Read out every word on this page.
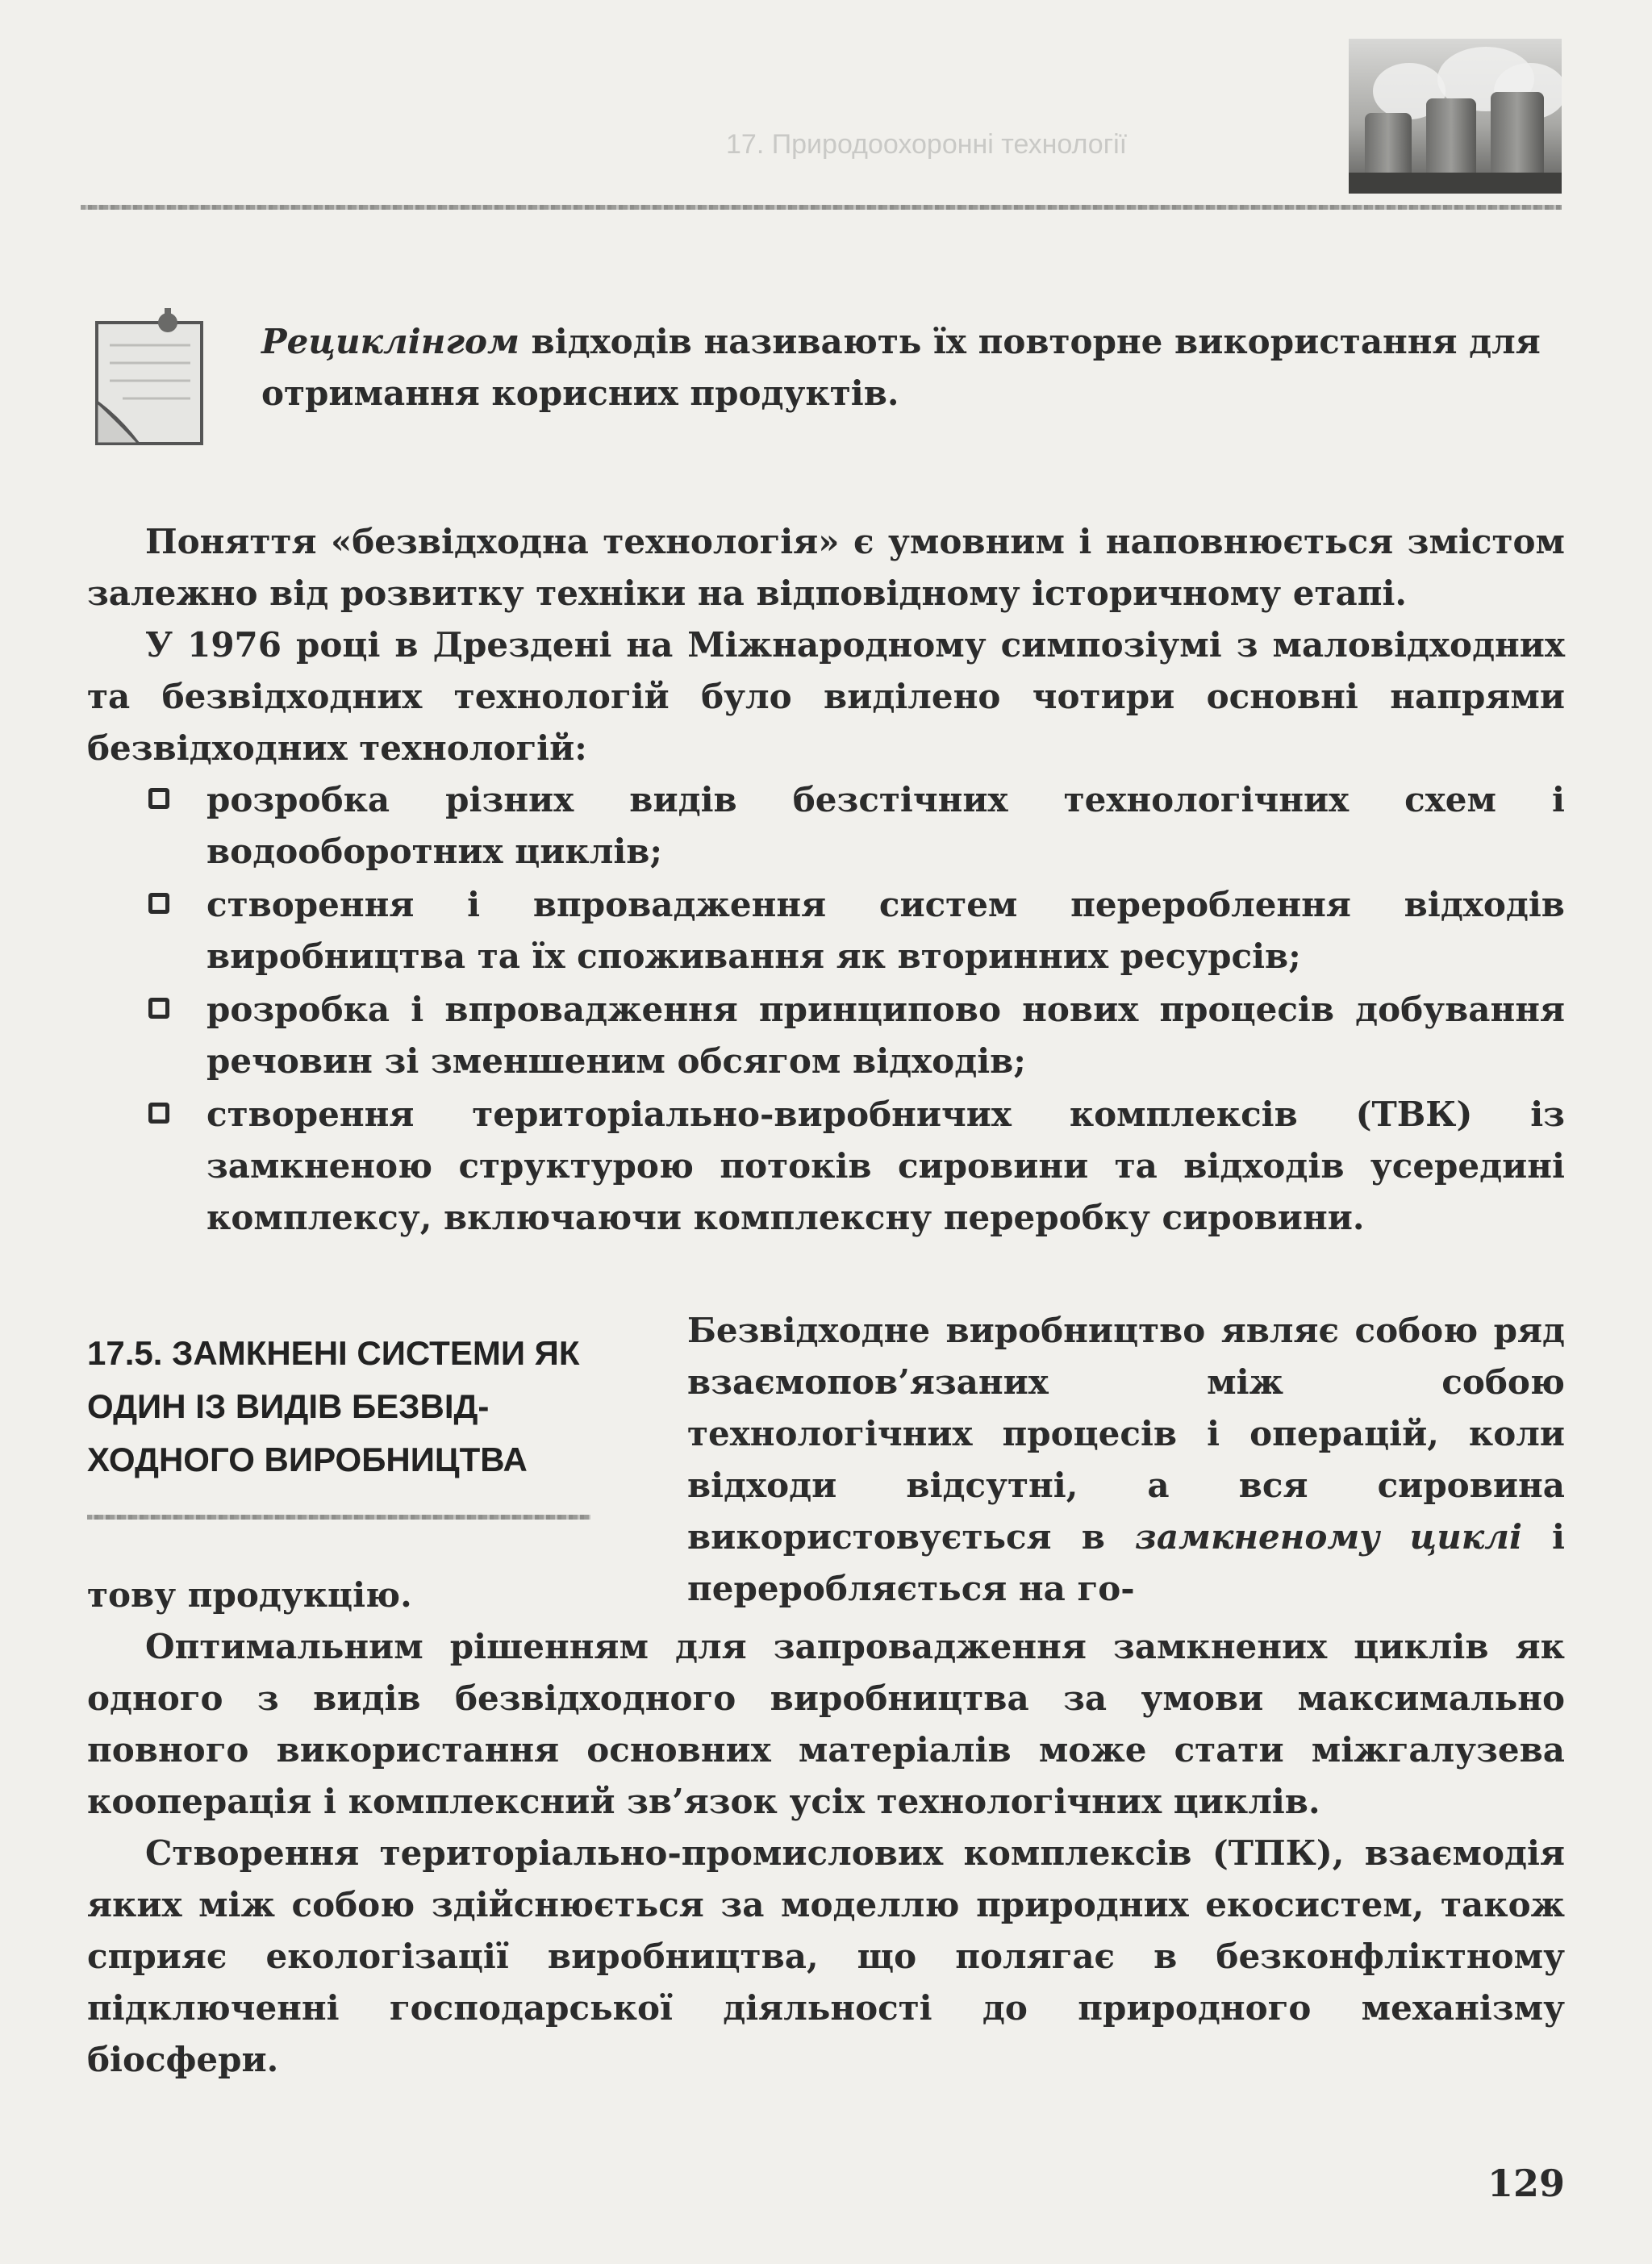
17. Природоохоронні технології
Рециклінгом відходів називають їх повторне використання для отримання корисних продуктів.

Поняття «безвідходна технологія» є умовним і наповнюється змістом залежно від розвитку техніки на відповідному історичному етапі.

У 1976 році в Дрездені на Міжнародному симпозіумі з маловідходних та безвідходних технологій було виділено чотири основні напрями безвідходних технологій:

розробка різних видів безстічних технологічних схем і водооборотних циклів;
створення і впровадження систем перероблення відходів виробництва та їх споживання як вторинних ресурсів;
розробка і впровадження принципово нових процесів добування речовин зі зменшеним обсягом відходів;
створення територіально-виробничих комплексів (ТВК) із замкненою структурою потоків сировини та відходів усередині комплексу, включаючи комплексну переробку сировини.
17.5. ЗАМКНЕНІ СИСТЕМИ ЯК ОДИН ІЗ ВИДІВ БЕЗВІД-ХОДНОГО ВИРОБНИЦТВА
Безвідходне виробництво являє собою ряд взаємопов’язаних між собою технологічних процесів і операцій, коли відходи відсутні, а вся сировина використовується в замкненому циклі і переробляється на го-

тову продукцію.

Оптимальним рішенням для запровадження замкнених циклів як одного з видів безвідходного виробництва за умови максимально повного використання основних матеріалів може стати міжгалузева кооперація і комплексний зв’язок усіх технологічних циклів.

Створення територіально-промислових комплексів (ТПК), взаємодія яких між собою здійснюється за моделлю природних екосистем, також сприяє екологізації виробництва, що полягає в безконфліктному підключенні господарської діяльності до природного механізму біосфери.

129
